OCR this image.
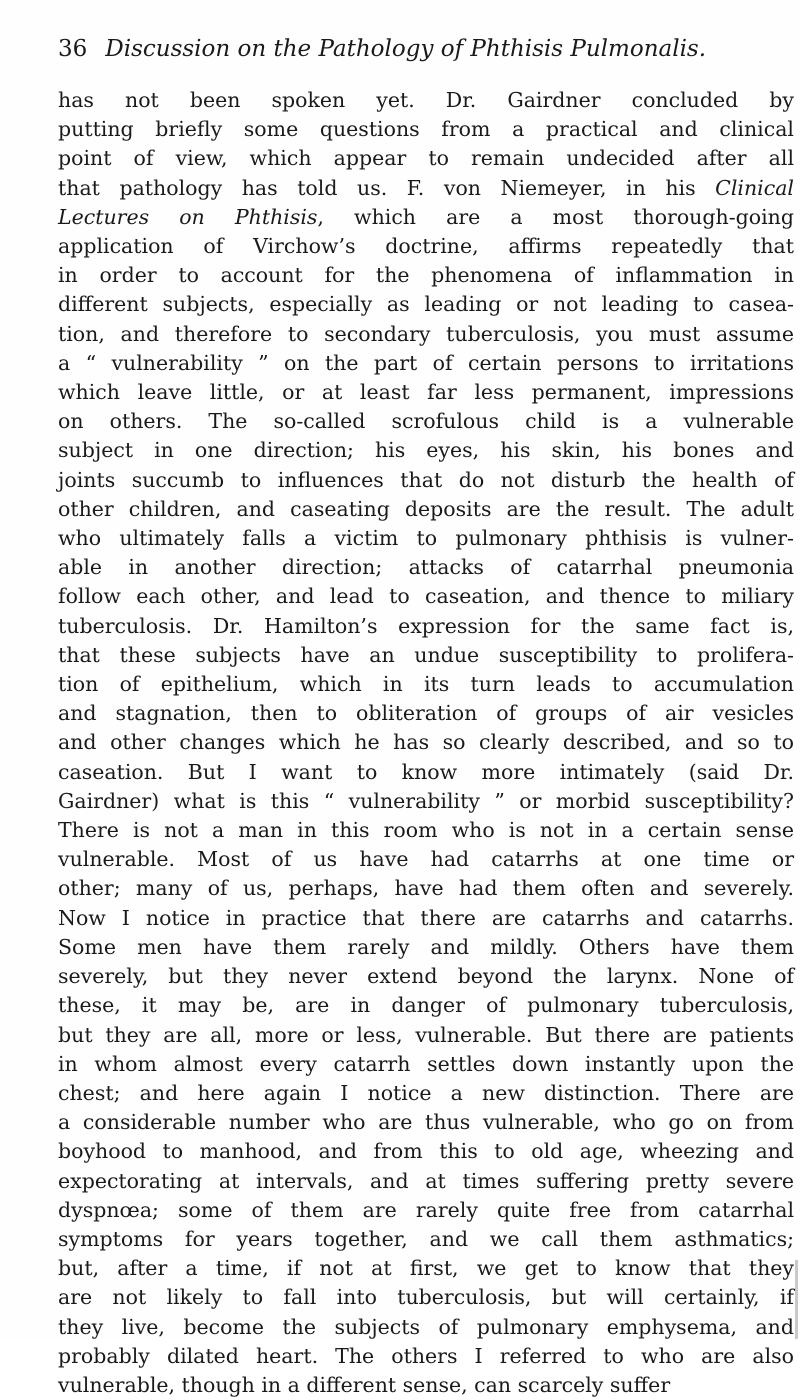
36 Discussion on the Pathology of Phthisis Pulmonalis.
has not been spoken yet. Dr. Gairdner concluded by
putting briefly some questions from a practical and clinical
point of view, which appear to remain undecided after all
that pathology has told us. F. von Niemeyer, in his Clinical
Lectures on Phthisis, which are a most thorough-going
application of Virchow’s doctrine, affirms repeatedly that
in order to account for the phenomena of inflammation in
different subjects, especially as leading or not leading to casea-
tion, and therefore to secondary tuberculosis, you must assume
a “ vulnerability ” on the part of certain persons to irritations
which leave little, or at least far less permanent, impressions
on others. The so-called scrofulous child is a vulnerable
subject in one direction; his eyes, his skin, his bones and
joints succumb to influences that do not disturb the health of
other children, and caseating deposits are the result. The adult
who ultimately falls a victim to pulmonary phthisis is vulner-
able in another direction; attacks of catarrhal pneumonia
follow each other, and lead to caseation, and thence to miliary
tuberculosis. Dr. Hamilton’s expression for the same fact is,
that these subjects have an undue susceptibility to prolifera-
tion of epithelium, which in its turn leads to accumulation
and stagnation, then to obliteration of groups of air vesicles
and other changes which he has so clearly described, and so to
caseation. But I want to know more intimately (said Dr.
Gairdner) what is this “ vulnerability ” or morbid susceptibility?
There is not a man in this room who is not in a certain sense
vulnerable. Most of us have had catarrhs at one time or
other; many of us, perhaps, have had them often and severely.
Now I notice in practice that there are catarrhs and catarrhs.
Some men have them rarely and mildly. Others have them
severely, but they never extend beyond the larynx. None of
these, it may be, are in danger of pulmonary tuberculosis,
but they are all, more or less, vulnerable. But there are patients
in whom almost every catarrh settles down instantly upon the
chest; and here again I notice a new distinction. There are
a considerable number who are thus vulnerable, who go on from
boyhood to manhood, and from this to old age, wheezing and
expectorating at intervals, and at times suffering pretty severe
dyspnœa; some of them are rarely quite free from catarrhal
symptoms for years together, and we call them asthmatics;
but, after a time, if not at first, we get to know that they
are not likely to fall into tuberculosis, but will certainly, if
they live, become the subjects of pulmonary emphysema, and
probably dilated heart. The others I referred to who are also
vulnerable, though in a different sense, can scarcely suffer
